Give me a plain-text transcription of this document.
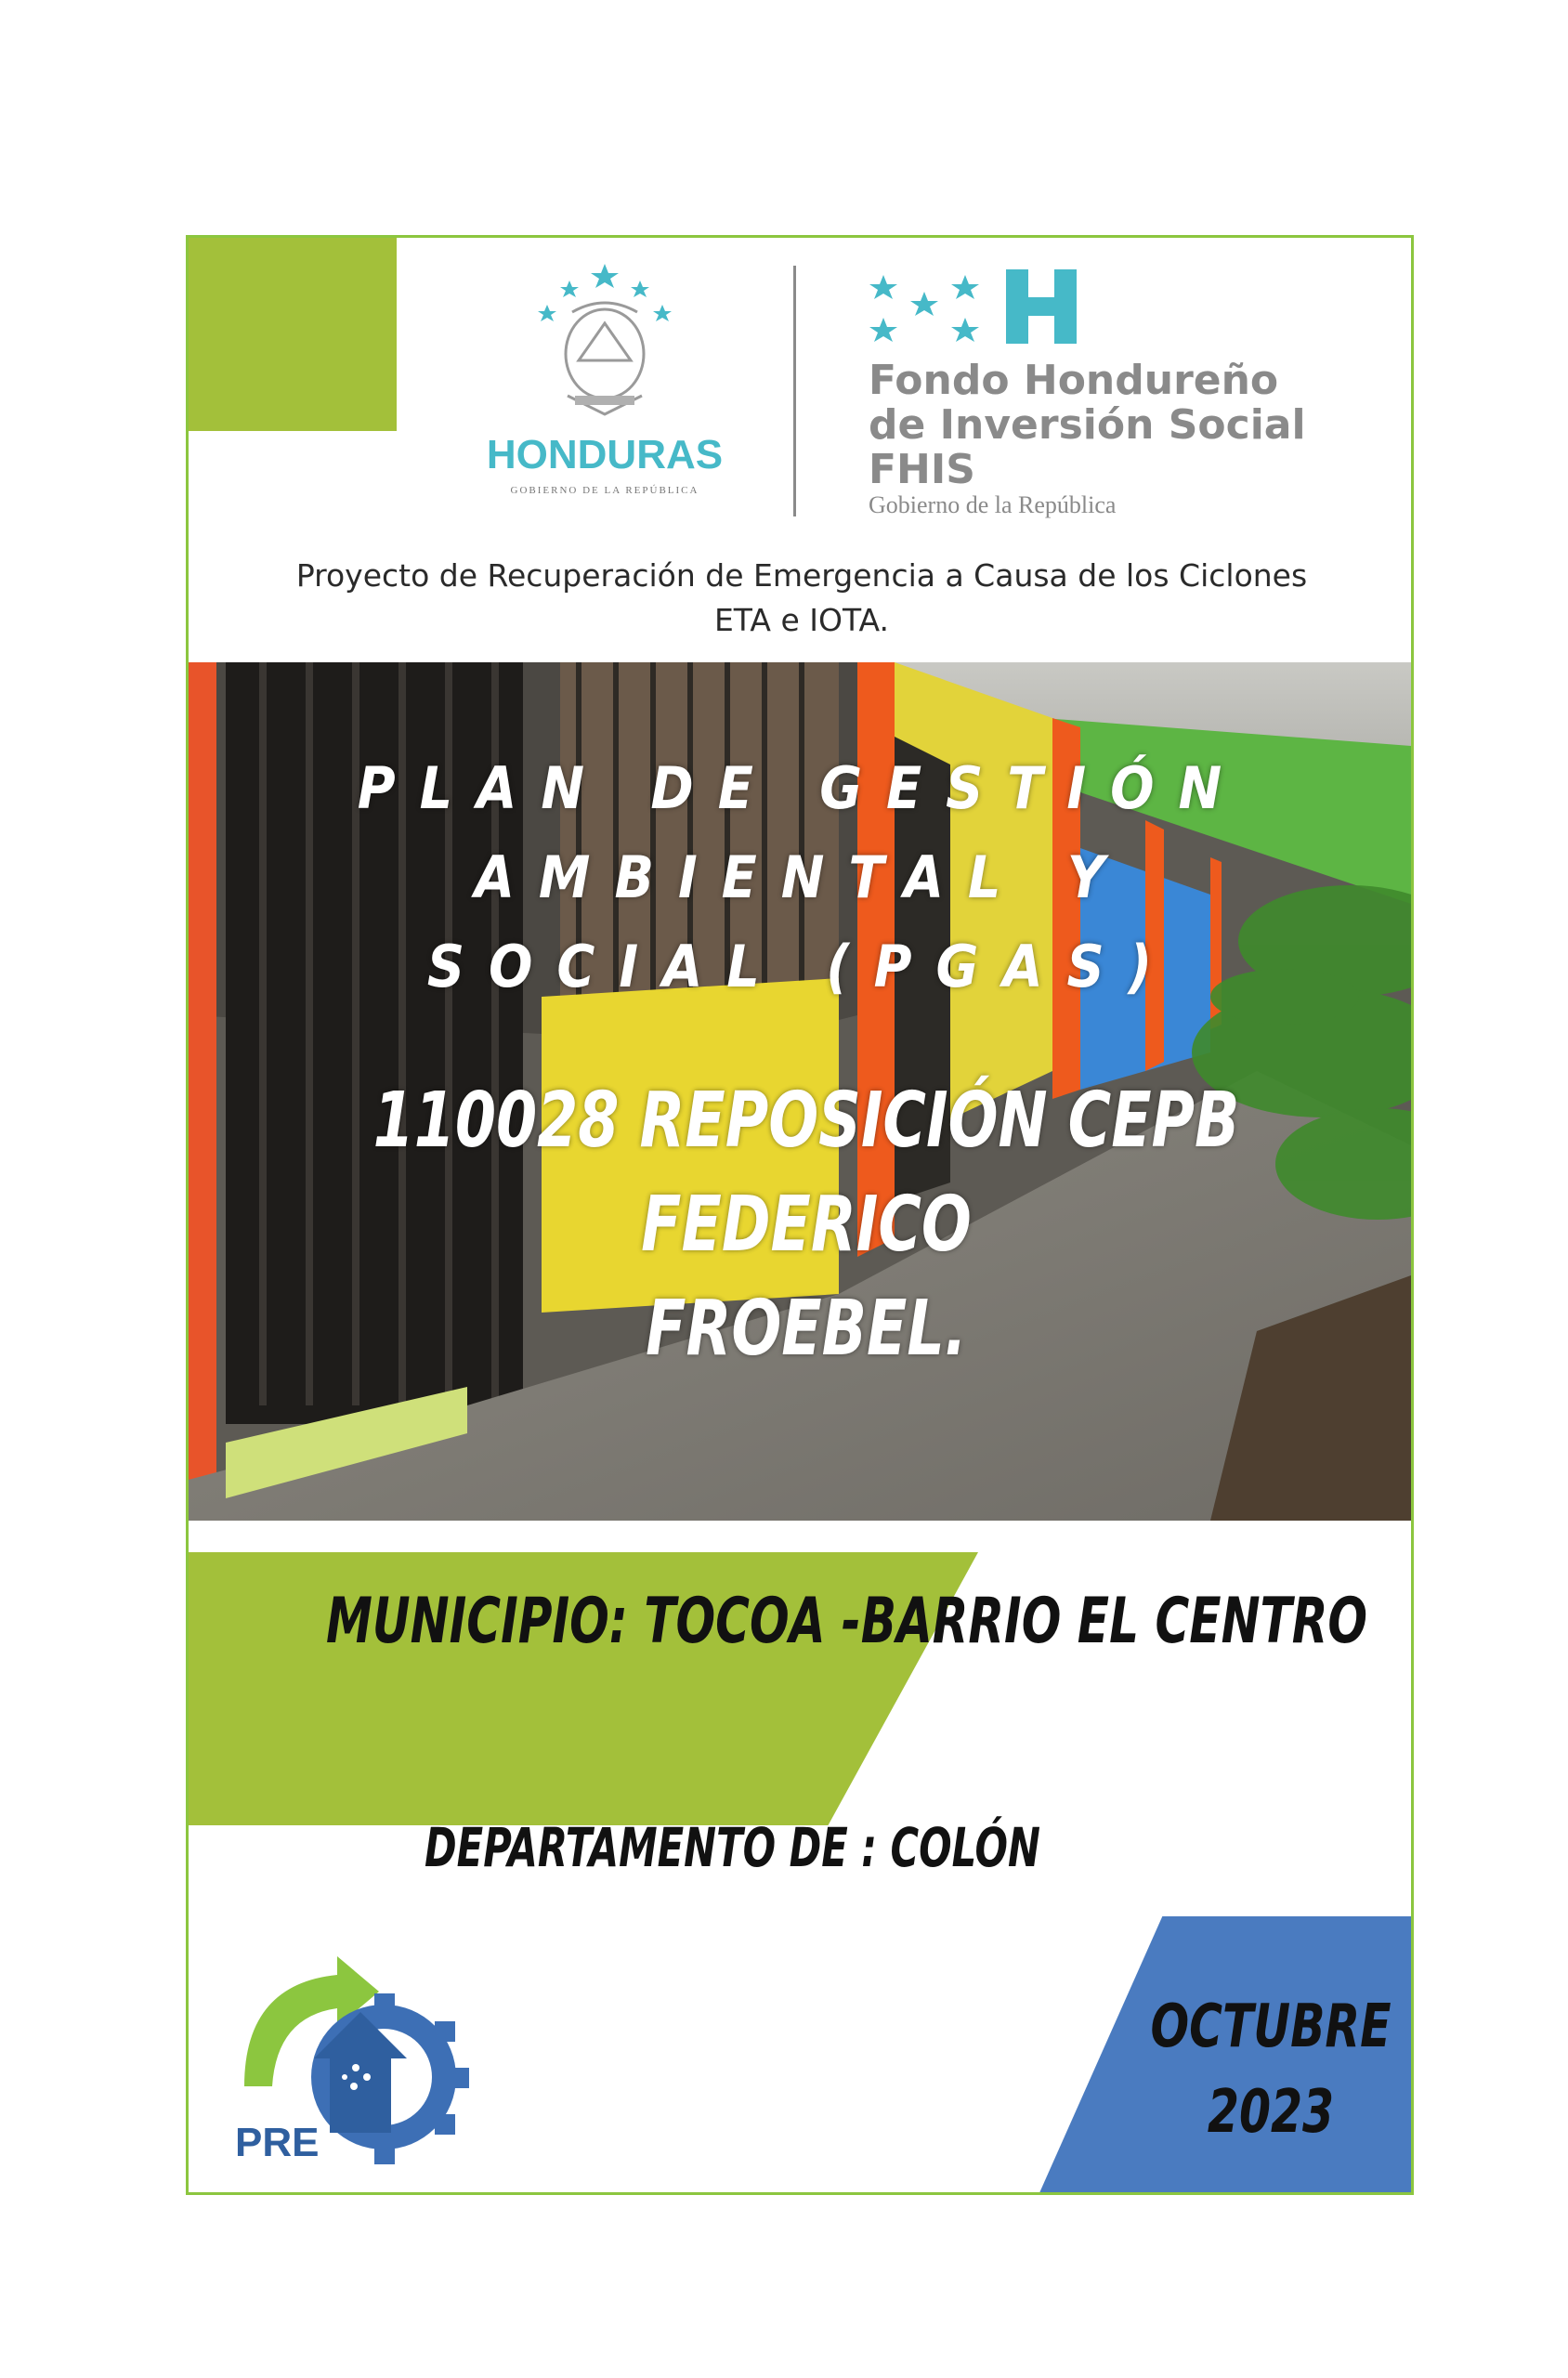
HONDURAS
GOBIERNO DE LA REPÚBLICA
Fondo Hondureño
de Inversión Social
FHIS
Gobierno de la República
Proyecto de Recuperación de Emergencia a Causa de los Ciclones
ETA e IOTA.
PLAN DE GESTIÓN AMBIENTAL Y
SOCIAL (PGAS)
110028 REPOSICIÓN CEPB FEDERICO
FROEBEL.
MUNICIPIO: TOCOA -BARRIO EL CENTRO
DEPARTAMENTO DE : COLÓN
OCTUBRE
2023
PRE
